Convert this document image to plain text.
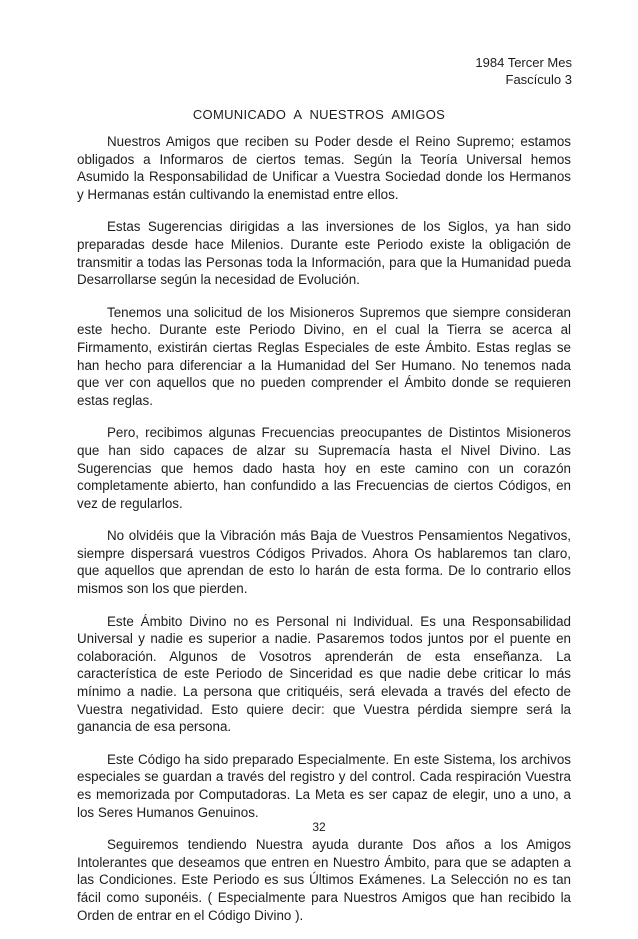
1984 Tercer Mes
Fascículo 3
COMUNICADO A NUESTROS AMIGOS

Nuestros Amigos que reciben su Poder desde el Reino Supremo; estamos obligados a Informaros de ciertos temas. Según la Teoría Universal hemos Asumido la Responsabilidad de Unificar a Vuestra Sociedad donde los Hermanos y Hermanas están cultivando la enemistad entre ellos.

Estas Sugerencias dirigidas a las inversiones de los Siglos, ya han sido preparadas desde hace Milenios. Durante este Periodo existe la obligación de transmitir a todas las Personas toda la Información, para que la Humanidad pueda Desarrollarse según la necesidad de Evolución.

Tenemos una solicitud de los Misioneros Supremos que siempre consideran este hecho. Durante este Periodo Divino, en el cual la Tierra se acerca al Firmamento, existirán ciertas Reglas Especiales de este Ámbito. Estas reglas se han hecho para diferenciar a la Humanidad del Ser Humano. No tenemos nada que ver con aquellos que no pueden comprender el Ámbito donde se requieren estas reglas.

Pero, recibimos algunas Frecuencias preocupantes de Distintos Misioneros que han sido capaces de alzar su Supremacía hasta el Nivel Divino. Las Sugerencias que hemos dado hasta hoy en este camino con un corazón completamente abierto, han confundido a las Frecuencias de ciertos Códigos, en vez de regularlos.

No olvidéis que la Vibración más Baja de Vuestros Pensamientos Negativos, siempre dispersará vuestros Códigos Privados. Ahora Os hablaremos tan claro, que aquellos que aprendan de esto lo harán de esta forma. De lo contrario ellos mismos son los que pierden.

Este Ámbito Divino no es Personal ni Individual. Es una Responsabilidad Universal y nadie es superior a nadie. Pasaremos todos juntos por el puente en colaboración. Algunos de Vosotros aprenderán de esta enseñanza. La característica de este Periodo de Sinceridad es que nadie debe criticar lo más mínimo a nadie. La persona que critiquéis, será elevada a través del efecto de Vuestra negatividad. Esto quiere decir: que Vuestra pérdida siempre será la ganancia de esa persona.

Este Código ha sido preparado Especialmente. En este Sistema, los archivos especiales se guardan a través del registro y del control. Cada respiración Vuestra es memorizada por Computadoras. La Meta es ser capaz de elegir, uno a uno, a los Seres Humanos Genuinos.

Seguiremos tendiendo Nuestra ayuda durante Dos años a los Amigos Intolerantes que deseamos que entren en Nuestro Ámbito, para que se adapten a las Condiciones. Este Periodo es sus Últimos Exámenes. La Selección no es tan fácil como suponéis. ( Especialmente para Nuestros Amigos que han recibido la Orden de entrar en el Código Divino ).

32
